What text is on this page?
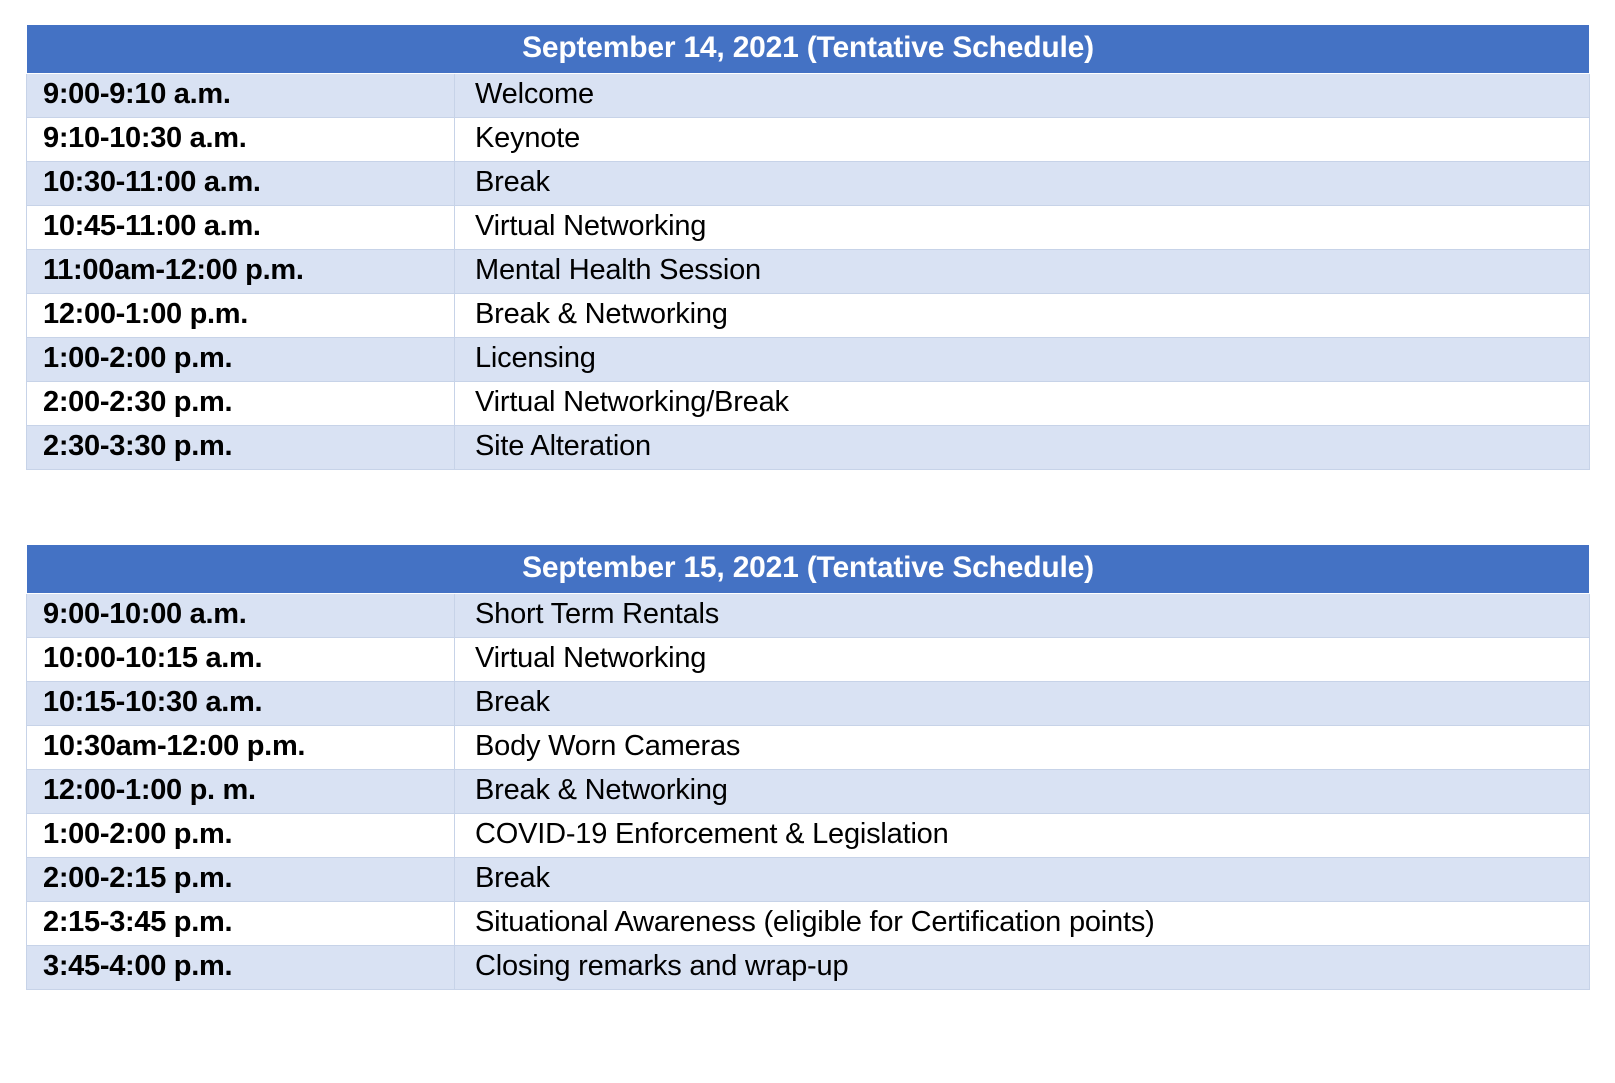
September 14, 2021 (Tentative Schedule)	
9:00-9:10 a.m.	Welcome
9:10-10:30 a.m.	Keynote
10:30-11:00 a.m.	Break
10:45-11:00 a.m.	Virtual Networking
11:00am-12:00 p.m.	Mental Health Session
12:00-1:00 p.m.	Break & Networking
1:00-2:00 p.m.	Licensing
2:00-2:30 p.m.	Virtual Networking/Break
2:30-3:30 p.m.	Site Alteration
September 15, 2021 (Tentative Schedule)	
9:00-10:00 a.m.	Short Term Rentals
10:00-10:15 a.m.	Virtual Networking
10:15-10:30 a.m.	Break
10:30am-12:00 p.m.	Body Worn Cameras
12:00-1:00 p. m.	Break & Networking
1:00-2:00 p.m.	COVID-19 Enforcement & Legislation
2:00-2:15 p.m.	Break
2:15-3:45 p.m.	Situational Awareness (eligible for Certification points)
3:45-4:00 p.m.	Closing remarks and wrap-up
